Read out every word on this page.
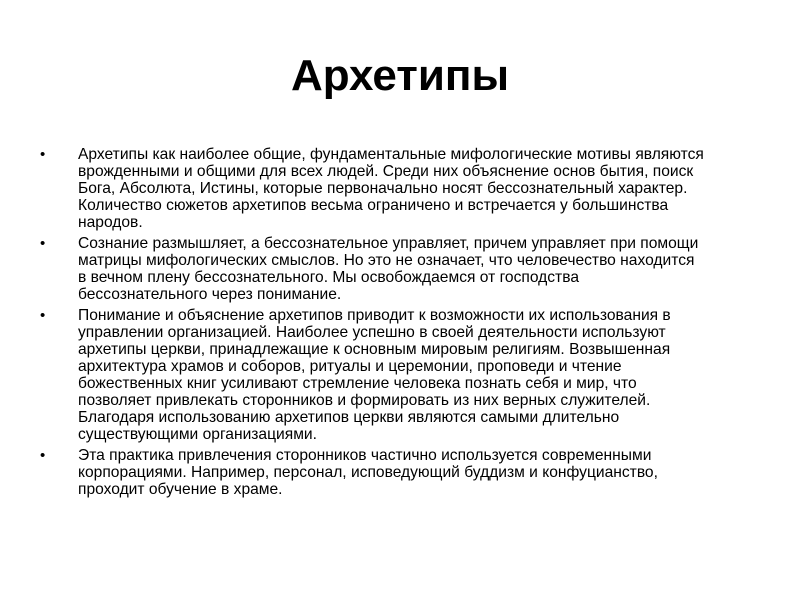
Архетипы
•	Архетипы как наиболее общие, фундаментальные мифологические мотивы являются
врожденными и общими для всех людей. Среди них объяснение основ бытия, поиск
Бога, Абсолюта, Истины, которые первоначально носят бессознательный характер.
Количество сюжетов архетипов весьма ограничено и встречается у большинства
народов.
•	Сознание размышляет, а бессознательное управляет, причем управляет при помощи
матрицы мифологических смыслов. Но это не означает, что человечество находится
в вечном плену бессознательного. Мы освобождаемся от господства
бессознательного через понимание.
•	Понимание и объяснение архетипов приводит к возможности их использования в
управлении организацией. Наиболее успешно в своей деятельности используют
архетипы церкви, принадлежащие к основным мировым религиям. Возвышенная
архитектура храмов и соборов, ритуалы и церемонии, проповеди и чтение
божественных книг усиливают стремление человека познать себя и мир, что
позволяет привлекать сторонников и формировать из них верных служителей.
Благодаря использованию архетипов церкви являются самыми длительно
существующими организациями.
•	Эта практика привлечения сторонников частично используется современными
корпорациями. Например, персонал, исповедующий буддизм и конфуцианство,
проходит обучение в храме.
